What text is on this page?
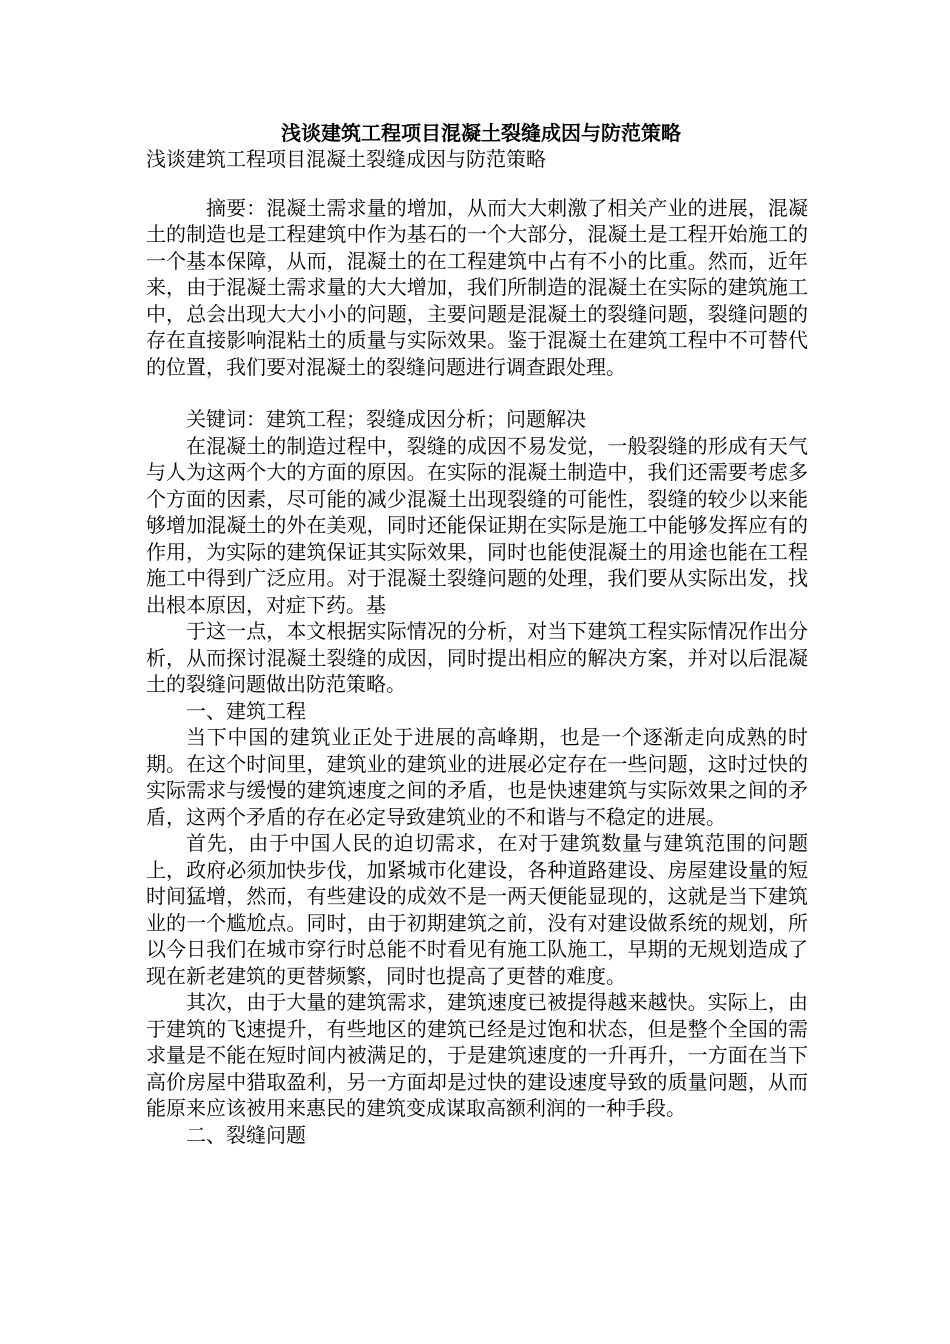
浅谈建筑工程项目混凝土裂缝成因与防范策略

浅谈建筑工程项目混凝土裂缝成因与防范策略

摘要：混凝土需求量的增加，从而大大刺激了相关产业的进展，混凝土的制造也是工程建筑中作为基石的一个大部分，混凝土是工程开始施工的一个基本保障，从而，混凝土的在工程建筑中占有不小的比重。然而，近年来，由于混凝土需求量的大大增加，我们所制造的混凝土在实际的建筑施工中，总会出现大大小小的问题，主要问题是混凝土的裂缝问题，裂缝问题的存在直接影响混粘土的质量与实际效果。鉴于混凝土在建筑工程中不可替代的位置，我们要对混凝土的裂缝问题进行调查跟处理。

关键词：建筑工程；裂缝成因分析；问题解决

在混凝土的制造过程中，裂缝的成因不易发觉，一般裂缝的形成有天气与人为这两个大的方面的原因。在实际的混凝土制造中，我们还需要考虑多个方面的因素，尽可能的减少混凝土出现裂缝的可能性，裂缝的较少以来能够增加混凝土的外在美观，同时还能保证期在实际是施工中能够发挥应有的作用，为实际的建筑保证其实际效果，同时也能使混凝土的用途也能在工程施工中得到广泛应用。对于混凝土裂缝问题的处理，我们要从实际出发，找出根本原因，对症下药。基

于这一点，本文根据实际情况的分析，对当下建筑工程实际情况作出分析，从而探讨混凝土裂缝的成因，同时提出相应的解决方案，并对以后混凝土的裂缝问题做出防范策略。

一、建筑工程

当下中国的建筑业正处于进展的高峰期，也是一个逐渐走向成熟的时期。在这个时间里，建筑业的建筑业的进展必定存在一些问题，这时过快的实际需求与缓慢的建筑速度之间的矛盾，也是快速建筑与实际效果之间的矛盾，这两个矛盾的存在必定导致建筑业的不和谐与不稳定的进展。

首先，由于中国人民的迫切需求，在对于建筑数量与建筑范围的问题上，政府必须加快步伐，加紧城市化建设，各种道路建设、房屋建设量的短时间猛增，然而，有些建设的成效不是一两天便能显现的，这就是当下建筑业的一个尴尬点。同时，由于初期建筑之前，没有对建设做系统的规划，所以今日我们在城市穿行时总能不时看见有施工队施工，早期的无规划造成了现在新老建筑的更替频繁，同时也提高了更替的难度。

其次，由于大量的建筑需求，建筑速度已被提得越来越快。实际上，由于建筑的飞速提升，有些地区的建筑已经是过饱和状态，但是整个全国的需求量是不能在短时间内被满足的，于是建筑速度的一升再升，一方面在当下高价房屋中猎取盈利，另一方面却是过快的建设速度导致的质量问题，从而能原来应该被用来惠民的建筑变成谋取高额利润的一种手段。

二、裂缝问题
